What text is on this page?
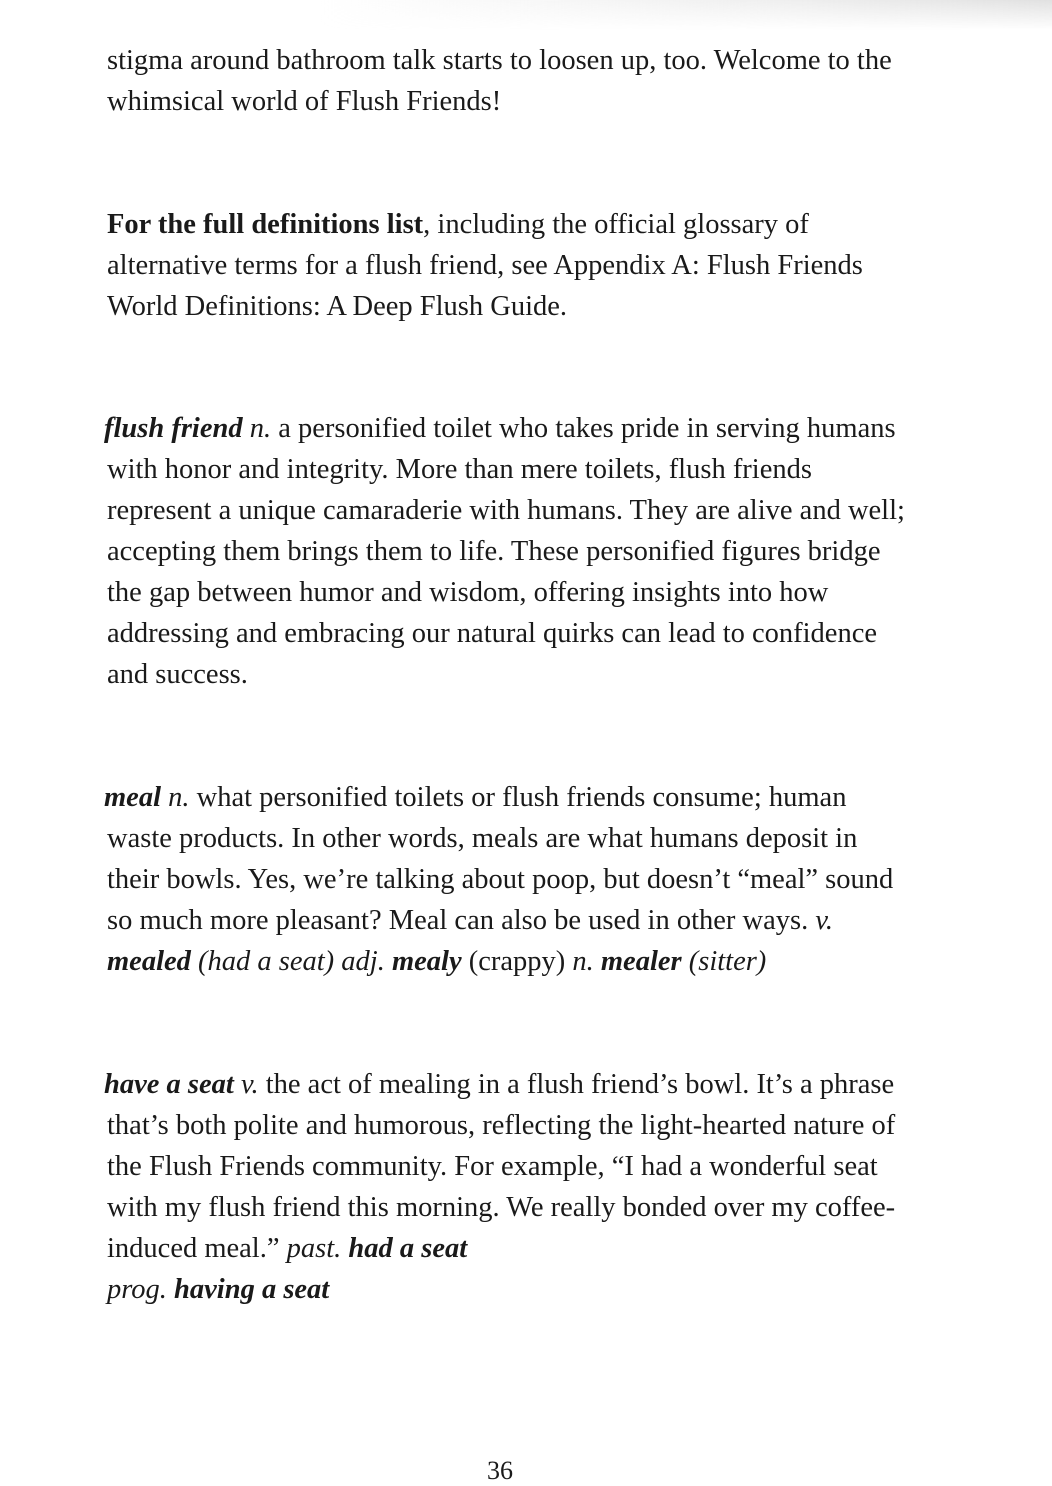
stigma around bathroom talk starts to loosen up, too. Welcome to the whimsical world of Flush Friends!

For the full definitions list, including the official glossary of alternative terms for a flush friend, see Appendix A: Flush Friends World Definitions: A Deep Flush Guide.

flush friend n. a personified toilet who takes pride in serving humans with honor and integrity. More than mere toilets, flush friends represent a unique camaraderie with humans. They are alive and well; accepting them brings them to life. These personified figures bridge the gap between humor and wisdom, offering insights into how addressing and embracing our natural quirks can lead to confidence and success.

meal n. what personified toilets or flush friends consume; human waste products. In other words, meals are what humans deposit in their bowls. Yes, we’re talking about poop, but doesn’t “meal” sound so much more pleasant? Meal can also be used in other ways. v. mealed (had a seat) adj. mealy (crappy) n. mealer (sitter)

have a seat v. the act of mealing in a flush friend’s bowl. It’s a phrase that’s both polite and humorous, reflecting the light-hearted nature of the Flush Friends community. For example, “I had a wonderful seat with my flush friend this morning. We really bonded over my coffee-induced meal.” past. had a seat
prog. having a seat

36
